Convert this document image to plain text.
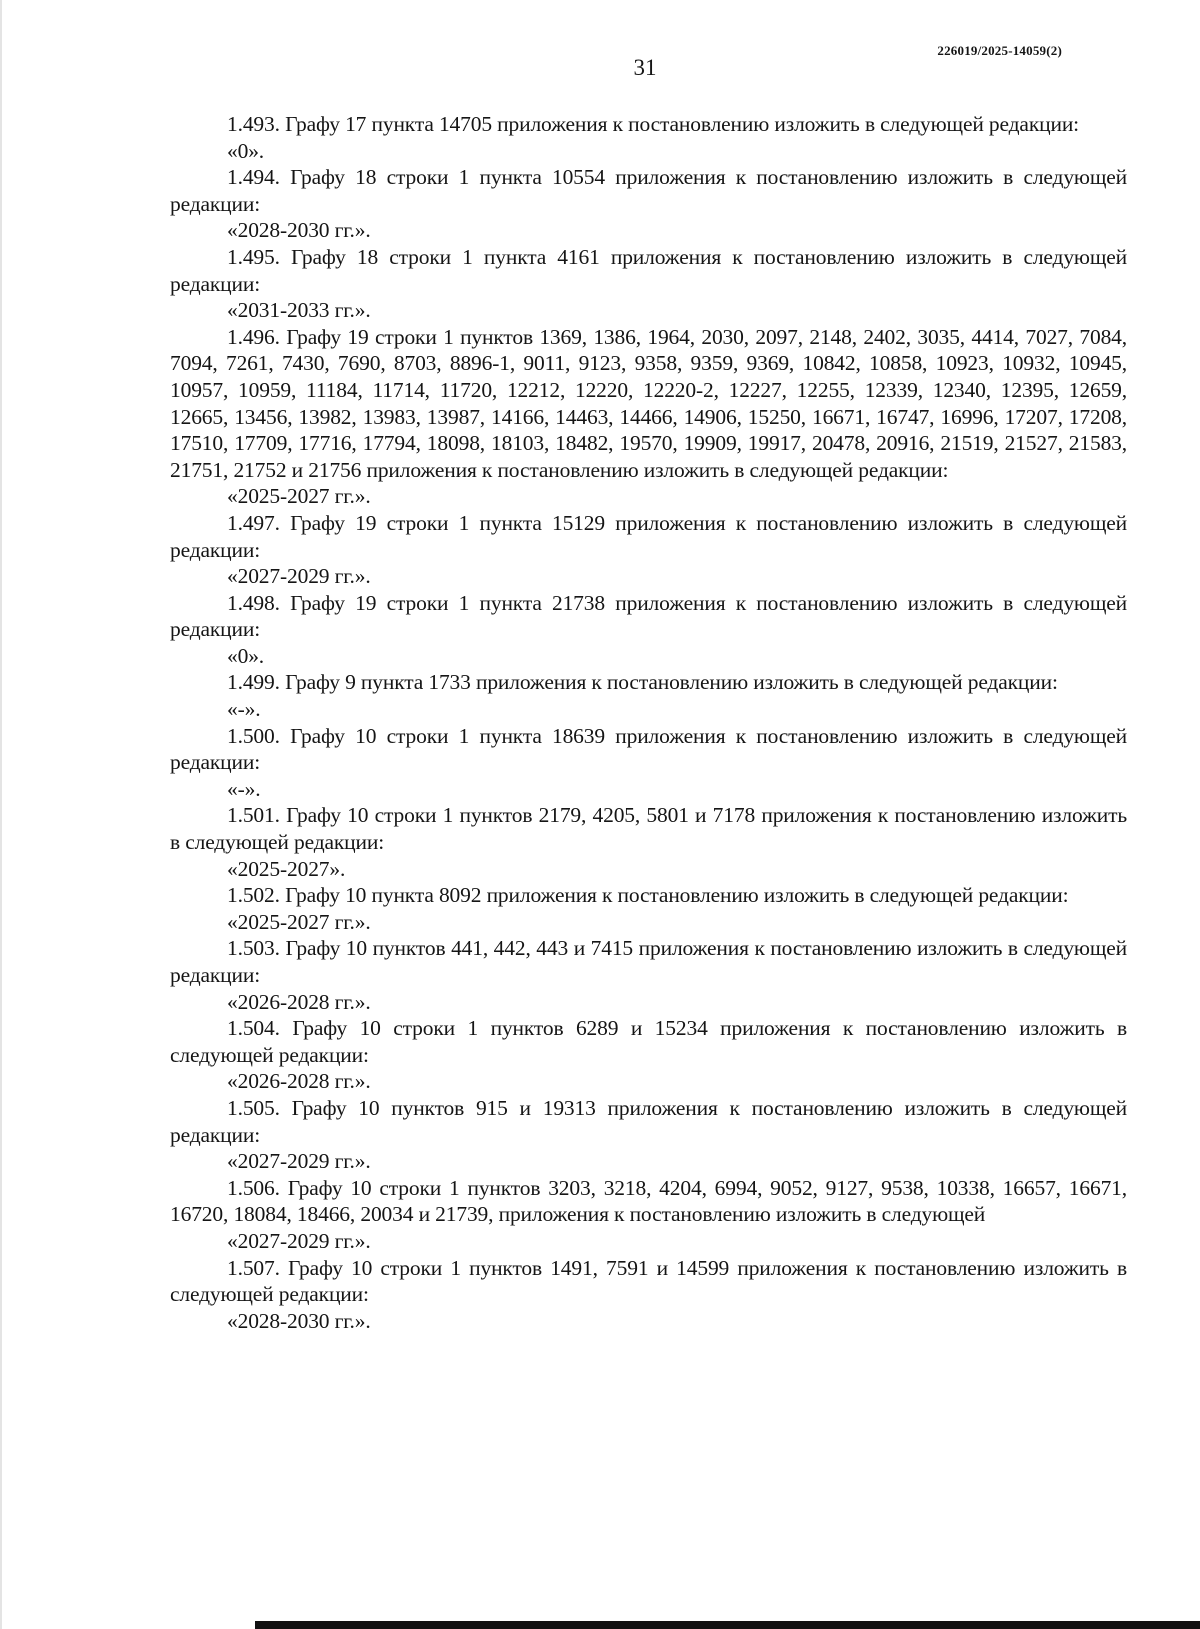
226019/2025-14059(2)
31

1.493. Графу 17 пункта 14705 приложения к постановлению изложить в следующей редакции:

«0».

1.494. Графу 18 строки 1 пункта 10554 приложения к постановлению изложить в следующей редакции:

«2028-2030 гг.».

1.495. Графу 18 строки 1 пункта 4161 приложения к постановлению изложить в следующей редакции:

«2031-2033 гг.».

1.496. Графу 19 строки 1 пунктов 1369, 1386, 1964, 2030, 2097, 2148, 2402, 3035, 4414, 7027, 7084, 7094, 7261, 7430, 7690, 8703, 8896-1, 9011, 9123, 9358, 9359, 9369, 10842, 10858, 10923, 10932, 10945, 10957, 10959, 11184, 11714, 11720, 12212, 12220, 12220-2, 12227, 12255, 12339, 12340, 12395, 12659, 12665, 13456, 13982, 13983, 13987, 14166, 14463, 14466, 14906, 15250, 16671, 16747, 16996, 17207, 17208, 17510, 17709, 17716, 17794, 18098, 18103, 18482, 19570, 19909, 19917, 20478, 20916, 21519, 21527, 21583, 21751, 21752 и 21756 приложения к постановлению изложить в следующей редакции:

«2025-2027 гг.».

1.497. Графу 19 строки 1 пункта 15129 приложения к постановлению изложить в следующей редакции:

«2027-2029 гг.».

1.498. Графу 19 строки 1 пункта 21738 приложения к постановлению изложить в следующей редакции:

«0».

1.499. Графу 9 пункта 1733 приложения к постановлению изложить в следующей редакции:

«-».

1.500. Графу 10 строки 1 пункта 18639 приложения к постановлению изложить в следующей редакции:

«-».

1.501. Графу 10 строки 1 пунктов 2179, 4205, 5801 и 7178 приложения к постановлению изложить в следующей редакции:

«2025-2027».

1.502. Графу 10 пункта 8092 приложения к постановлению изложить в следующей редакции:

«2025-2027 гг.».

1.503. Графу 10 пунктов 441, 442, 443 и 7415 приложения к постановлению изложить в следующей редакции:

«2026-2028 гг.».

1.504. Графу 10 строки 1 пунктов 6289 и 15234 приложения к постановлению изложить в следующей редакции:

«2026-2028 гг.».

1.505. Графу 10 пунктов 915 и 19313 приложения к постановлению изложить в следующей редакции:

«2027-2029 гг.».

1.506. Графу 10 строки 1 пунктов 3203, 3218, 4204, 6994, 9052, 9127, 9538, 10338, 16657, 16671, 16720, 18084, 18466, 20034 и 21739, приложения к постановлению изложить в следующей

«2027-2029 гг.».

1.507. Графу 10 строки 1 пунктов 1491, 7591 и 14599 приложения к постановлению изложить в следующей редакции:

«2028-2030 гг.».
